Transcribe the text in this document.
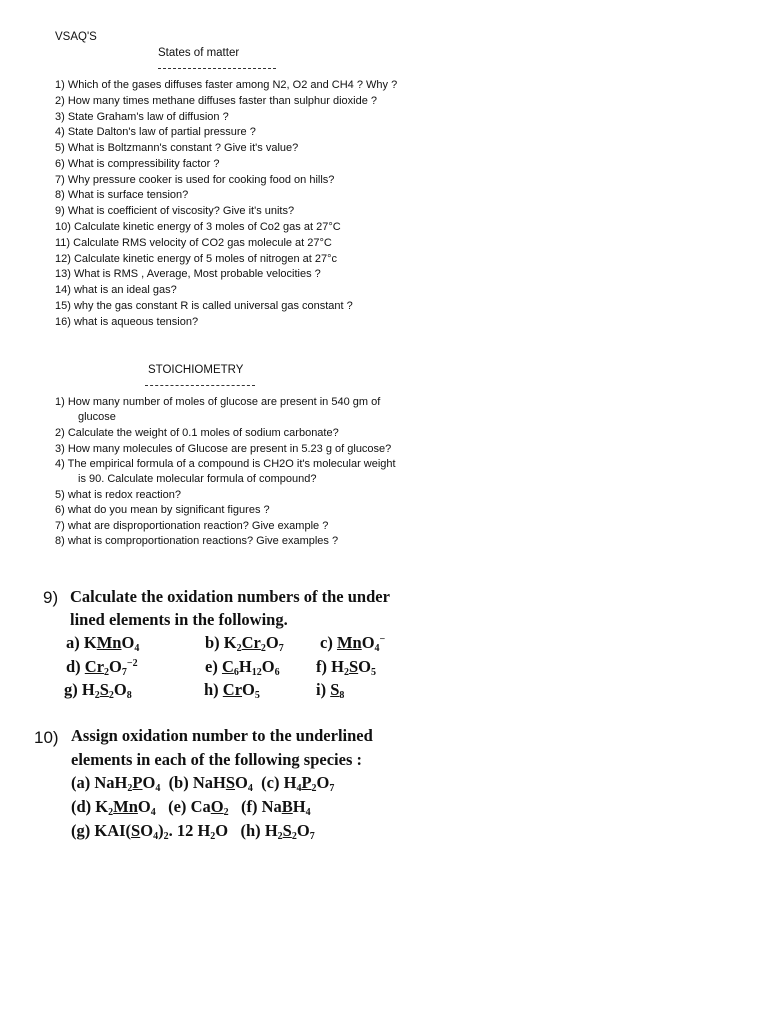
VSAQ'S
States of matter
1) Which of the gases diffuses faster among N2, O2 and CH4 ? Why ?
2) How many times methane diffuses faster than sulphur dioxide ?
3) State Graham's law of diffusion ?
4) State Dalton's law of partial pressure ?
5) What is Boltzmann's constant ? Give it's value?
6) What is compressibility factor ?
7) Why pressure cooker is used for cooking food on hills?
8) What is surface tension?
9) What is coefficient of viscosity? Give it's units?
10) Calculate kinetic energy of 3 moles of Co2 gas at 27°C
11) Calculate RMS velocity of CO2 gas molecule at 27°C
12) Calculate kinetic energy of 5 moles of nitrogen at 27°c
13) What is RMS , Average, Most probable velocities ?
14) what is an ideal gas?
15) why the gas constant R is called universal gas constant ?
16) what is aqueous tension?
STOICHIOMETRY
1) How many number of moles of glucose are present in 540 gm of
glucose
2) Calculate the weight of 0.1 moles of sodium carbonate?
3) How many molecules of Glucose are present in 5.23 g of glucose?
4) The empirical formula of a compound is CH2O it's molecular weight
is 90. Calculate molecular formula of compound?
5) what is redox reaction?
6) what do you mean by significant figures ?
7) what are disproportionation reaction? Give example ?
8) what is comproportionation reactions? Give examples ?
9) Calculate the oxidation numbers of the under
lined elements in the following.
a) KMnO$_4$	b) $K_2Cr_2O_7$ c) MnO$_4$−
d) $Cr_2O_7^{-2}$	e) $C_6H_{12}O_6$ f) $H_2SO_5$
g) $H_2S_2O_8$	h) CrO$_5$	i) $S_8$
10) Assign oxidation number to the underlined
elements in each of the following species :
(a) $NaH_2PO_4$ (b) NaHSO$_4$ (c) $H_4P_2O_7$
(d) $K_2MnO_4$ (e) CaO$_2$ (f) NaBH$_4$
(g) $KAI(SO_4)_2$. 12 $H_2O$   (h) $H_2S_2O_7$
